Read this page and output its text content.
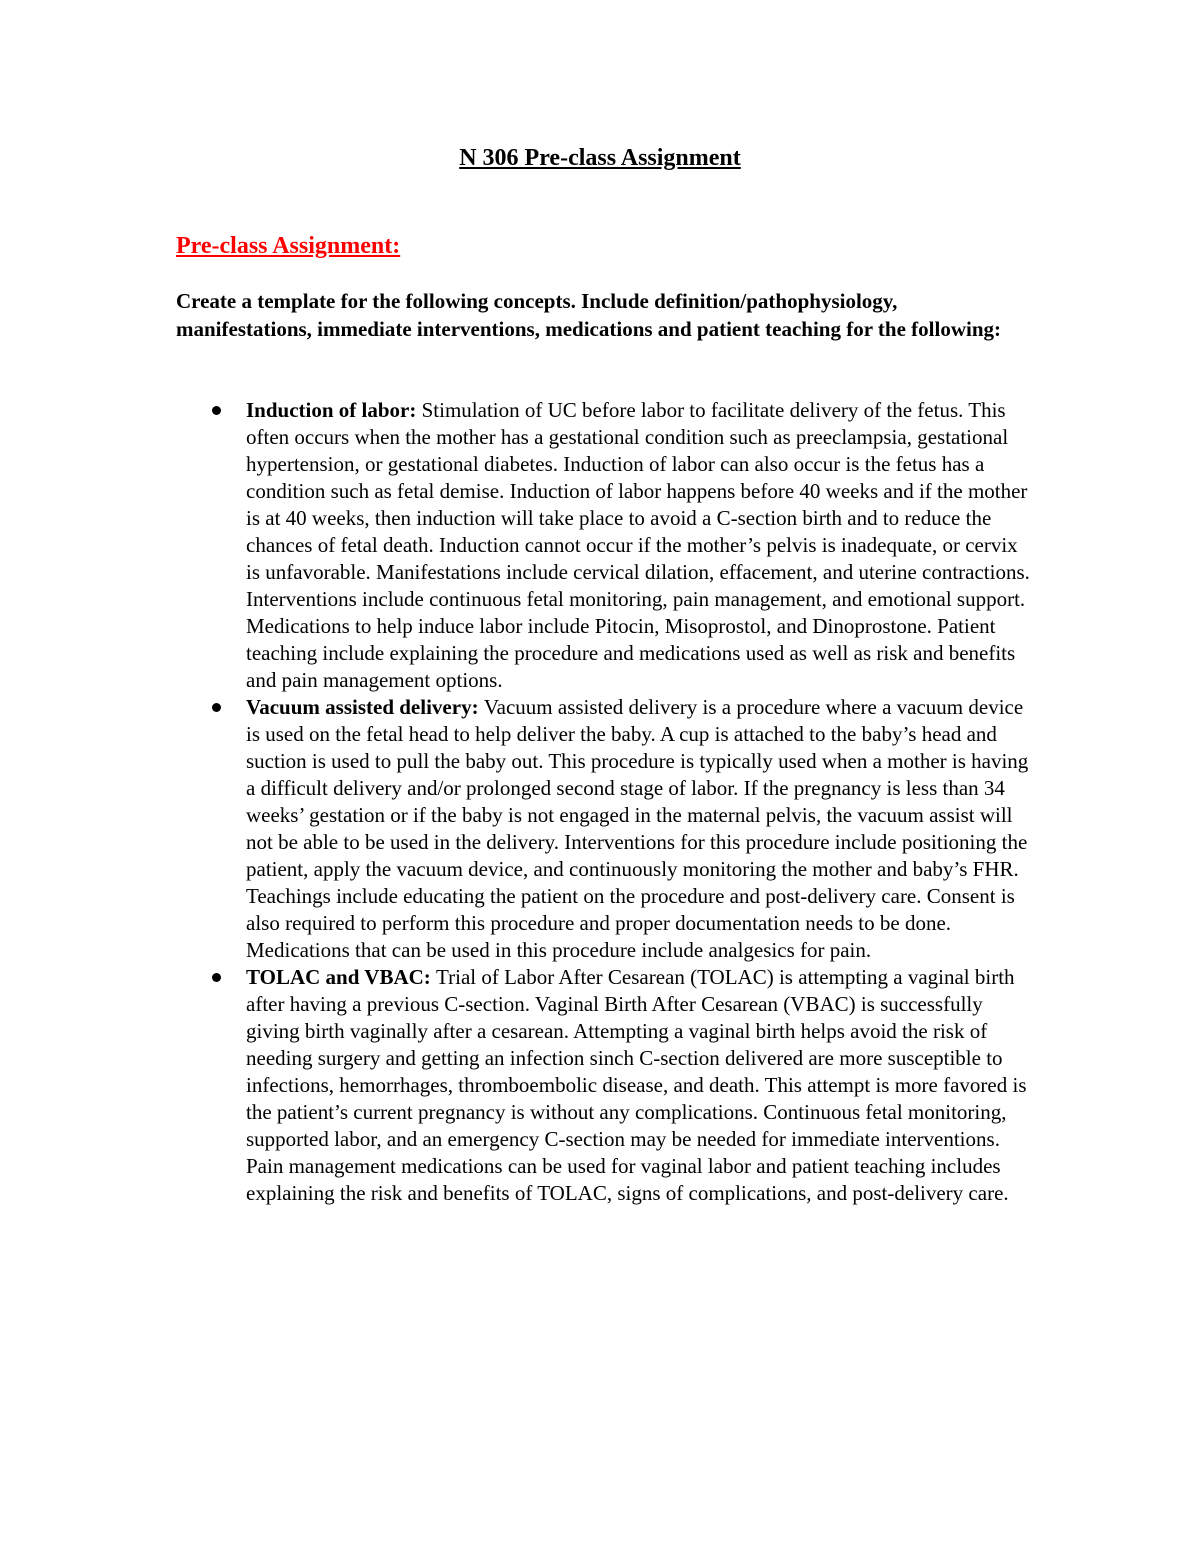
N 306 Pre-class Assignment
Pre-class Assignment:

Create a template for the following concepts. Include definition/pathophysiology, manifestations, immediate interventions, medications and patient teaching for the following:

Induction of labor: Stimulation of UC before labor to facilitate delivery of the fetus. This often occurs when the mother has a gestational condition such as preeclampsia, gestational hypertension, or gestational diabetes. Induction of labor can also occur is the fetus has a condition such as fetal demise. Induction of labor happens before 40 weeks and if the mother is at 40 weeks, then induction will take place to avoid a C-section birth and to reduce the chances of fetal death. Induction cannot occur if the mother’s pelvis is inadequate, or cervix is unfavorable. Manifestations include cervical dilation, effacement, and uterine contractions. Interventions include continuous fetal monitoring, pain management, and emotional support. Medications to help induce labor include Pitocin, Misoprostol, and Dinoprostone. Patient teaching include explaining the procedure and medications used as well as risk and benefits and pain management options.
Vacuum assisted delivery: Vacuum assisted delivery is a procedure where a vacuum device is used on the fetal head to help deliver the baby. A cup is attached to the baby’s head and suction is used to pull the baby out. This procedure is typically used when a mother is having a difficult delivery and/or prolonged second stage of labor. If the pregnancy is less than 34 weeks’ gestation or if the baby is not engaged in the maternal pelvis, the vacuum assist will not be able to be used in the delivery. Interventions for this procedure include positioning the patient, apply the vacuum device, and continuously monitoring the mother and baby’s FHR. Teachings include educating the patient on the procedure and post-delivery care. Consent is also required to perform this procedure and proper documentation needs to be done. Medications that can be used in this procedure include analgesics for pain.
TOLAC and VBAC: Trial of Labor After Cesarean (TOLAC) is attempting a vaginal birth after having a previous C-section. Vaginal Birth After Cesarean (VBAC) is successfully giving birth vaginally after a cesarean. Attempting a vaginal birth helps avoid the risk of needing surgery and getting an infection sinch C-section delivered are more susceptible to infections, hemorrhages, thromboembolic disease, and death. This attempt is more favored is the patient’s current pregnancy is without any complications. Continuous fetal monitoring, supported labor, and an emergency C-section may be needed for immediate interventions. Pain management medications can be used for vaginal labor and patient teaching includes explaining the risk and benefits of TOLAC, signs of complications, and post-delivery care.
